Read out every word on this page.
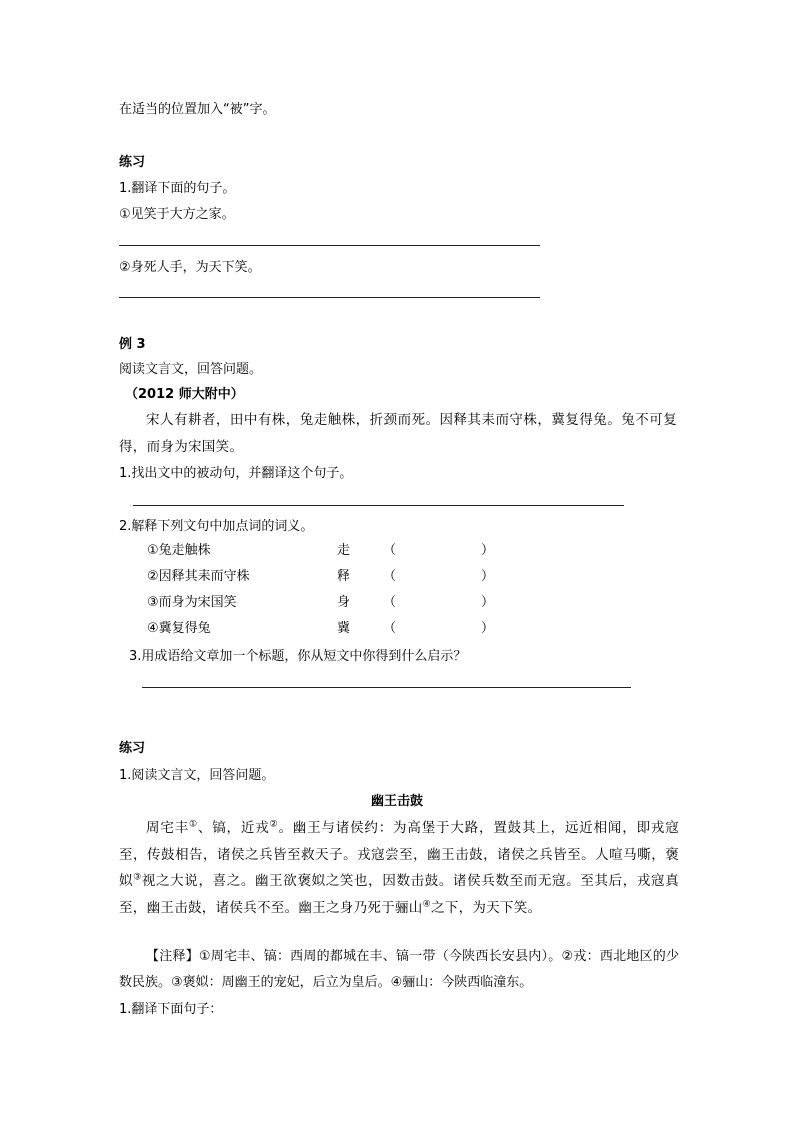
在适当的位置加入“被”字。
练习
1.翻译下面的句子。
①见笑于大方之家。
②身死人手，为天下笑。
例 3
阅读文言文，回答问题。
（2012 师大附中）
宋人有耕者，田中有株，兔走触株，折颈而死。因释其耒而守株，冀复得兔。兔不可复得，而身为宋国笑。
1.找出文中的被动句，并翻译这个句子。
2.解释下列文句中加点词的词义。
①兔走触株	走	（	）
②因释其耒而守株	释	（	）
③而身为宋国笑	身	（	）
④冀复得兔	冀	（	）
3.用成语给文章加一个标题，你从短文中你得到什么启示？
练习
1.阅读文言文，回答问题。
幽王击鼓
周宅丰①、镐，近戎②。幽王与诸侯约：为高堡于大路，置鼓其上，远近相闻，即戎寇至，传鼓相告，诸侯之兵皆至救天子。戎寇尝至，幽王击鼓，诸侯之兵皆至。人喧马嘶，褒姒③视之大说，喜之。幽王欲褒姒之笑也，因数击鼓。诸侯兵数至而无寇。至其后，戎寇真至，幽王击鼓，诸侯兵不至。幽王之身乃死于骊山④之下，为天下笑。
【注释】①周宅丰、镐：西周的都城在丰、镐一带（今陕西长安县内）。②戎：西北地区的少数民族。③褒姒：周幽王的宠妃，后立为皇后。④骊山：今陕西临潼东。
1.翻译下面句子：
